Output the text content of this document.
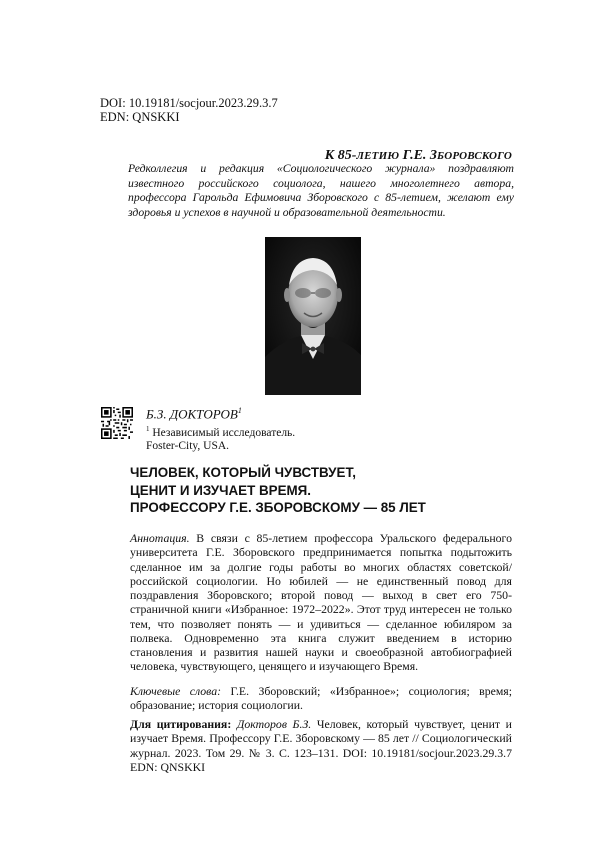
DOI: 10.19181/socjour.2023.29.3.7
EDN: QNSKKI
К 85-ЛЕТИЮ Г.Е. ЗБОРОВСКОГО
Редколлегия и редакция «Социологического журнала» поздравляют известного российского социолога, нашего многолетнего автора, профессора Гарольда Ефимовича Зборовского с 85-летием, желают ему здоровья и успехов в научной и образовательной деятельности.
Б.З. ДОКТОРОВ$^1$
$^1$ Независимый исследователь.
Foster-City, USA.
ЧЕЛОВЕК, КОТОРЫЙ ЧУВСТВУЕТ,
ЦЕНИТ И ИЗУЧАЕТ ВРЕМЯ.
ПРОФЕССОРУ Г.Е. ЗБОРОВСКОМУ — 85 ЛЕТ
Аннотация. В связи с 85-летием профессора Уральского федерального университета Г.Е. Зборовского предпринимается попытка подытожить сделанное им за долгие годы работы во многих областях советской/российской социологии. Но юбилей — не единственный повод для поздравления Зборовского; второй повод — выход в свет его 750-страничной книги «Избранное: 1972–2022». Этот труд интересен не только тем, что позволяет понять — и удивиться — сделанное юбиляром за полвека. Одновременно эта книга служит введением в историю становления и развития нашей науки и своеобразной автобиографией человека, чувствующего, ценящего и изучающего Время.
Ключевые слова: Г.Е. Зборовский; «Избранное»; социология; время; образование; история социологии.
Для цитирования: Докторов Б.З. Человек, который чувствует, ценит и изучает Время. Профессору Г.Е. Зборовскому — 85 лет // Социологический журнал. 2023. Том 29. № 3. С. 123–131. DOI: 10.19181/socjour.2023.29.3.7 EDN: QNSKKI
